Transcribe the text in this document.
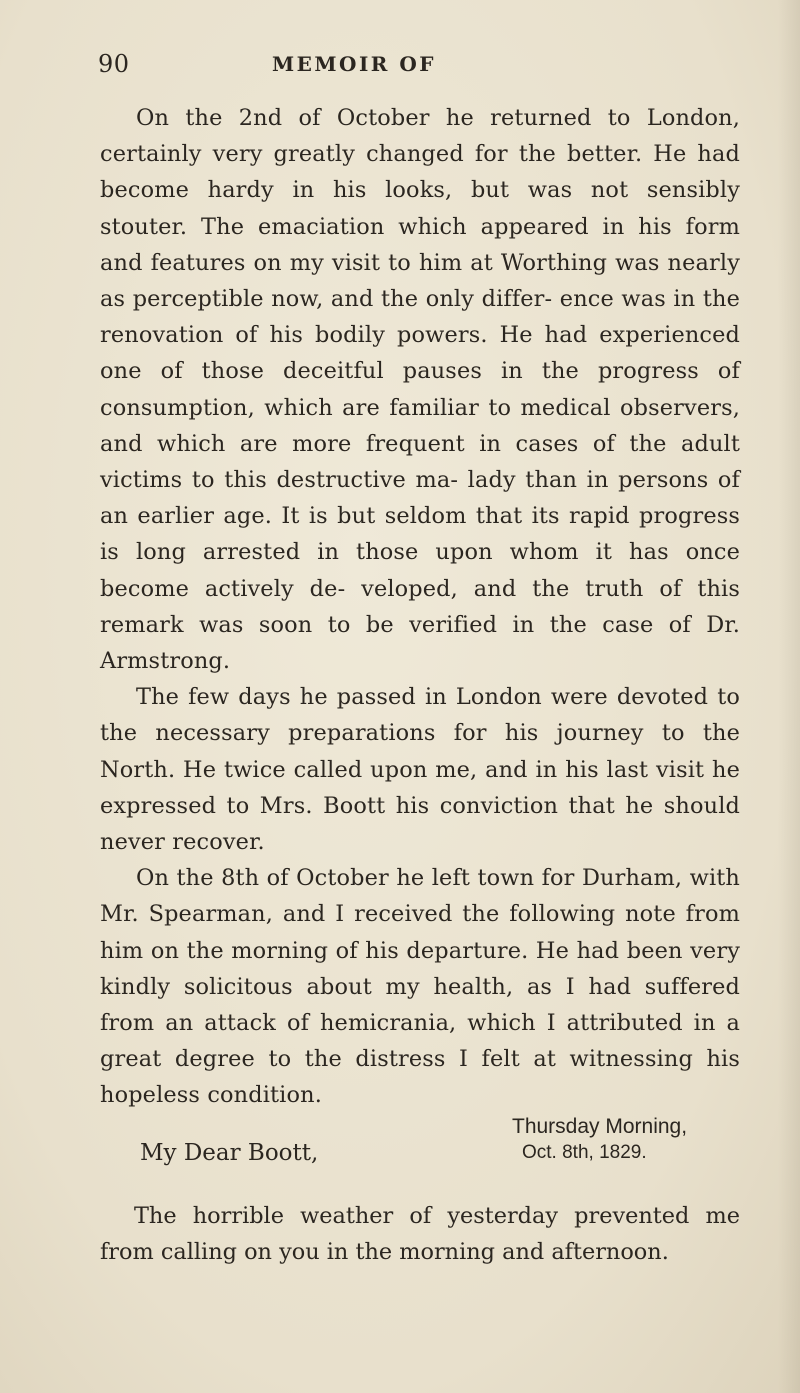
90	MEMOIR OF

On the 2nd of October he returned to London, certainly very greatly changed for the better. He had become hardy in his looks, but was not sensibly stouter. The emaciation which appeared in his form and features on my visit to him at Worthing was nearly as perceptible now, and the only differ- ence was in the renovation of his bodily powers. He had experienced one of those deceitful pauses in the progress of consumption, which are familiar to medical observers, and which are more frequent in cases of the adult victims to this destructive ma- lady than in persons of an earlier age. It is but seldom that its rapid progress is long arrested in those upon whom it has once become actively de- veloped, and the truth of this remark was soon to be verified in the case of Dr. Armstrong.

The few days he passed in London were devoted to the necessary preparations for his journey to the North. He twice called upon me, and in his last visit he expressed to Mrs. Boott his conviction that he should never recover.

On the 8th of October he left town for Durham, with Mr. Spearman, and I received the following note from him on the morning of his departure. He had been very kindly solicitous about my health, as I had suffered from an attack of hemicrania, which I attributed in a great degree to the distress I felt at witnessing his hopeless condition.

Thursday Morning,
My Dear Boott,	Oct. 8th, 1829.
The horrible weather of yesterday prevented me from calling on you in the morning and afternoon.
